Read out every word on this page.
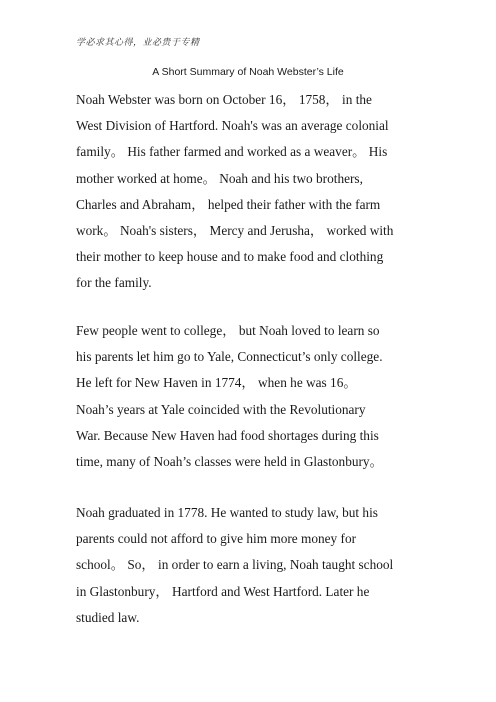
学必求其心得，业必贵于专精
A Short Summary of Noah Webster’s Life
Noah Webster was born on October 16， 1758， in the
West Division of Hartford. Noah's was an average colonial
family。 His father farmed and worked as a weaver。 His
mother worked at home。 Noah and his two brothers,
Charles and Abraham， helped their father with the farm
work。 Noah's sisters， Mercy and Jerusha， worked with
their mother to keep house and to make food and clothing
for the family.
Few people went to college， but Noah loved to learn so
his parents let him go to Yale, Connecticut’s only college.
He left for New Haven in 1774， when he was 16。
Noah’s years at Yale coincided with the Revolutionary
War. Because New Haven had food shortages during this
time, many of Noah’s classes were held in Glastonbury。
Noah graduated in 1778. He wanted to study law, but his
parents could not afford to give him more money for
school。 So， in order to earn a living, Noah taught school
in Glastonbury， Hartford and West Hartford. Later he
studied law.
